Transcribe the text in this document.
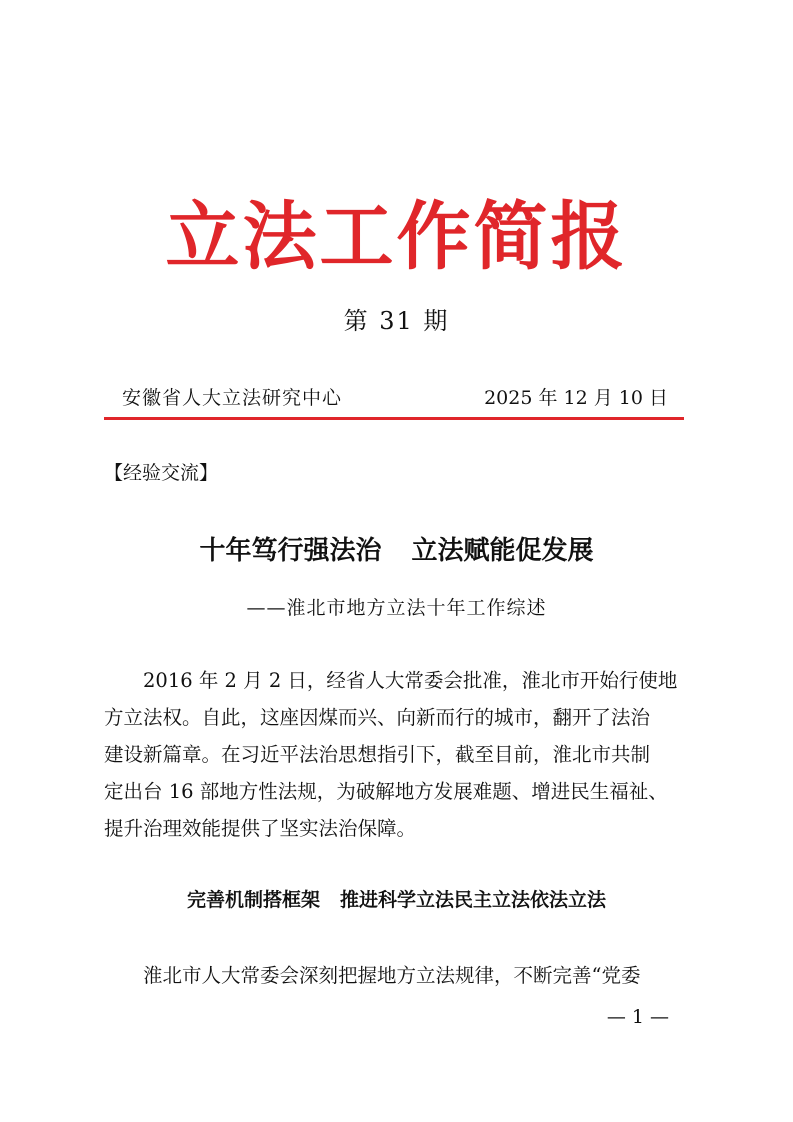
立法工作简报
第 31 期
安徽省人大立法研究中心	2025 年 12 月 10 日
【经验交流】
十年笃行强法治 立法赋能促发展
——淮北市地方立法十年工作综述
2016 年 2 月 2 日，经省人大常委会批准，淮北市开始行使地
方立法权。自此，这座因煤而兴、向新而行的城市，翻开了法治
建设新篇章。在习近平法治思想指引下，截至目前，淮北市共制
定出台 16 部地方性法规，为破解地方发展难题、增进民生福祉、
提升治理效能提供了坚实法治保障。
完善机制搭框架 推进科学立法民主立法依法立法
淮北市人大常委会深刻把握地方立法规律，不断完善“党委
— 1 —
